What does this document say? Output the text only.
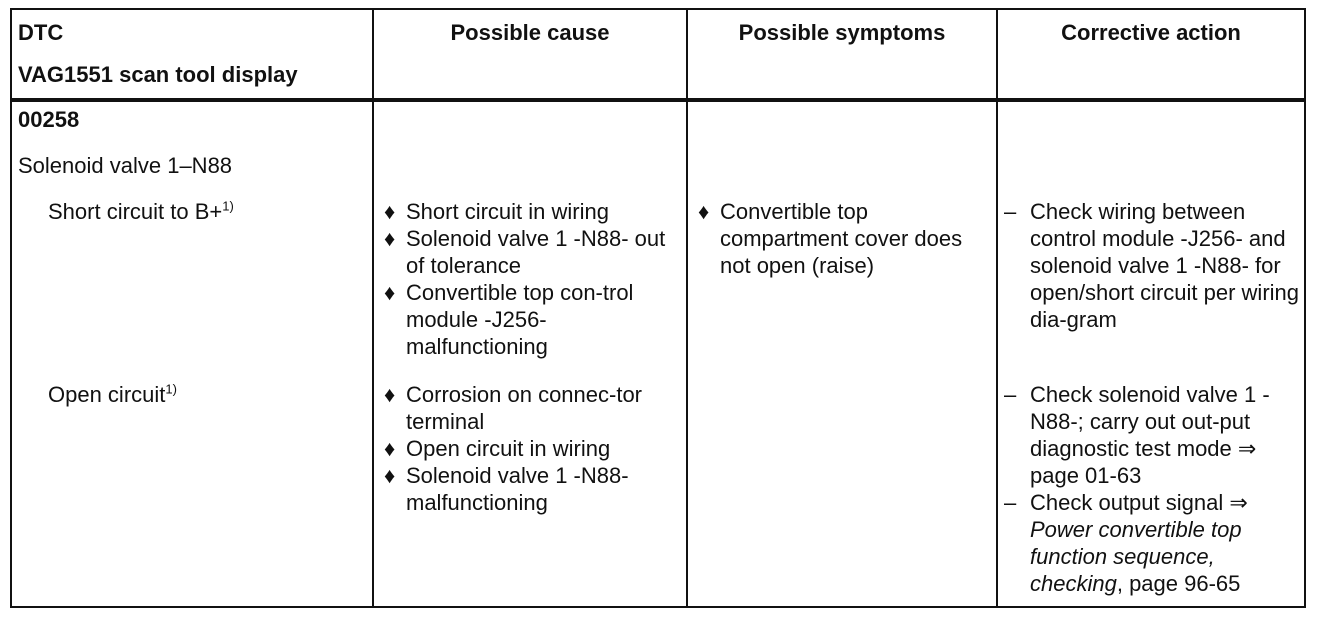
DTC
VAG1551 scan tool display
Possible cause	Possible symptoms	Corrective action
00258
Solenoid valve 1–N88
Short circuit to B+$^{1)}$
Open circuit$^{1)}$
♦ Short circuit in wiring
♦ Solenoid valve 1 -N88- out of tolerance
♦ Convertible top con-trol module -J256-malfunctioning
♦ Corrosion on connec-tor terminal
♦ Open circuit in wiring
♦ Solenoid valve 1 -N88- malfunctioning
♦ Convertible top compartment cover does not open (raise)
– Check wiring between control module -J256- and solenoid valve 1 -N88- for open/short circuit per wiring dia-gram
– Check solenoid valve 1 -N88-; carry out out-put diagnostic test mode ⇒ page 01-63
– Check output signal ⇒ Power convertible top function sequence, checking, page 96-65
